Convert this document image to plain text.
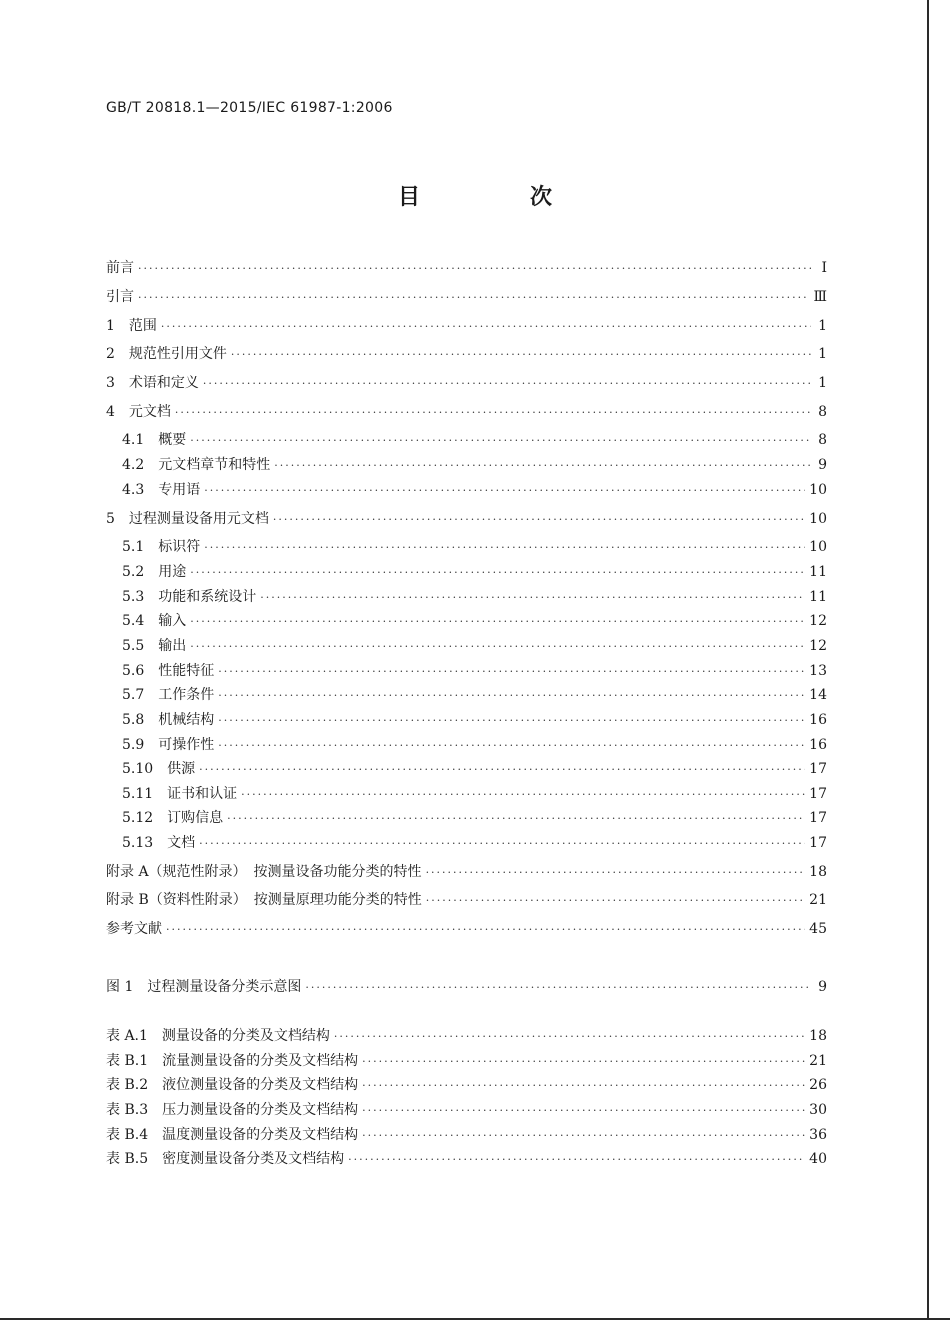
GB/T 20818.1—2015/IEC 61987-1:2006
目　次
前言 ·····	Ⅰ
引言 ·····	Ⅲ
1　范围 ·····	1
2　规范性引用文件 ·····	1
3　术语和定义 ·····	1
4　元文档 ·····	8
4.1　概要 ·····	8
4.2　元文档章节和特性 ·····	9
4.3　专用语 ·····	10
5　过程测量设备用元文档 ·····	10
5.1　标识符 ·····	10
5.2　用途 ·····	11
5.3　功能和系统设计 ·····	11
5.4　输入 ·····	12
5.5　输出 ·····	12
5.6　性能特征 ·····	13
5.7　工作条件 ·····	14
5.8　机械结构 ·····	16
5.9　可操作性 ·····	16
5.10　供源 ·····	17
5.11　证书和认证 ·····	17
5.12　订购信息 ·····	17
5.13　文档 ·····	17
附录 A（规范性附录）　按测量设备功能分类的特性 ·····	18
附录 B（资料性附录）　按测量原理功能分类的特性 ·····	21
参考文献 ·····	45
图 1　过程测量设备分类示意图 ·····	9
表 A.1　测量设备的分类及文档结构 ·····	18
表 B.1　流量测量设备的分类及文档结构 ·····	21
表 B.2　液位测量设备的分类及文档结构 ·····	26
表 B.3　压力测量设备的分类及文档结构 ·····	30
表 B.4　温度测量设备的分类及文档结构 ·····	36
表 B.5　密度测量设备分类及文档结构 ·····	40
